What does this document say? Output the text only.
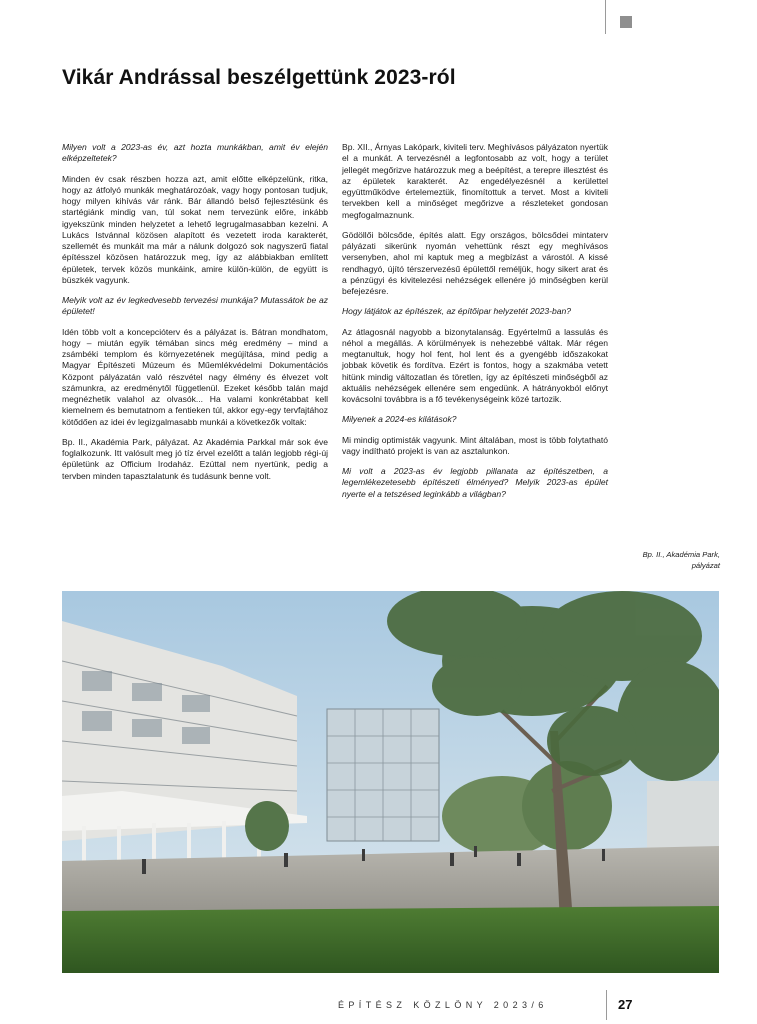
Vikár Andrással beszélgettünk 2023-ról

Milyen volt a 2023-as év, azt hozta munkákban, amit év elején elképzeltetek?

Minden év csak részben hozza azt, amit előtte elképzelünk, ritka, hogy az átfolyó munkák meghatározóak, vagy hogy pontosan tudjuk, hogy milyen kihívás vár ránk. Bár állandó belső fejlesztésünk és startégiánk mindig van, túl sokat nem tervezünk előre, inkább igyekszünk minden helyzetet a lehető legrugalmasabban kezelni. A Lukács Istvánnal közösen alapított és vezetett iroda karakterét, szellemét és munkáit ma már a nálunk dolgozó sok nagyszerű fiatal építésszel közösen határozzuk meg, így az alábbiakban említett épületek, tervek közös munkáink, amire külön-külön, de együtt is büszkék vagyunk.

Melyik volt az év legkedvesebb tervezési munkája? Mutassátok be az épületet!

Idén több volt a koncepcióterv és a pályázat is. Bátran mondhatom, hogy – miután egyik témában sincs még eredmény – mind a zsámbéki templom és környezetének megújítása, mind pedig a Magyar Építészeti Múzeum és Műemlékvédelmi Dokumentációs Központ pályázatán való részvétel nagy élmény és élvezet volt számunkra, az eredménytől függetlenül. Ezeket később talán majd megnézhetik valahol az olvasók... Ha valami konkrétabbat kell kiemelnem és bemutatnom a fentieken túl, akkor egy-egy tervfajtához kötődően az idei év legizgalmasabb munkái a következők voltak:

Bp. II., Akadémia Park, pályázat. Az Akadémia Parkkal már sok éve foglalkozunk. Itt valósult meg jó tíz érvel ezelőtt a talán legjobb régi-új épületünk az Officium Irodaház. Ezúttal nem nyertünk, pedig a tervben minden tapasztalatunk és tudásunk benne volt.

Bp. XII., Árnyas Lakópark, kiviteli terv. Meghívásos pályázaton nyertük el a munkát. A tervezésnél a legfontosabb az volt, hogy a terület jellegét megőrizve határozzuk meg a beépítést, a terepre illesztést és az épületek karakterét. Az engedélyezésnél a kerülettel együttműködve értelemeztük, finomítottuk a tervet. Most a kiviteli tervekben kell a minőséget megőrizve a részleteket gondosan megfogalmaznunk.

Gödöllői bölcsőde, építés alatt. Egy országos, bölcsődei mintaterv pályázati sikerünk nyomán vehettünk részt egy meghívásos versenyben, ahol mi kaptuk meg a megbízást a várostól. A kissé rendhagyó, újító térszervezésű épülettől reméljük, hogy sikert arat és a pénzügyi és kivitelezési nehézségek ellenére jó minőségben kerül befejezésre.

Hogy látjátok az építészek, az építőipar helyzetét 2023-ban?

Az átlagosnál nagyobb a bizonytalanság. Egyértelmű a lassulás és néhol a megállás. A körülmények is nehezebbé váltak. Már régen megtanultuk, hogy hol fent, hol lent és a gyengébb időszakokat jobbak követik és fordítva. Ezért is fontos, hogy a szakmába vetett hitünk mindig változatlan és töretlen, így az építészeti minőségből az aktuális nehézségek ellenére sem engedünk. A hátrányokból előnyt kovácsolni továbbra is a fő tevékenységeink közé tartozik.

Milyenek a 2024-es kilátások?

Mi mindig optimisták vagyunk. Mint általában, most is több folytatható vagy indítható projekt is van az asztalunkon.

Mi volt a 2023-as év legjobb pillanata az építészetben, a legemlékezetesebb építészeti élményed? Melyik 2023-as épület nyerte el a tetszésed leginkább a világban?

Bp. II., Akadémia Park,
pályázat
ÉPÍTÉSZ KÖZLÖNY 2023/6	27
